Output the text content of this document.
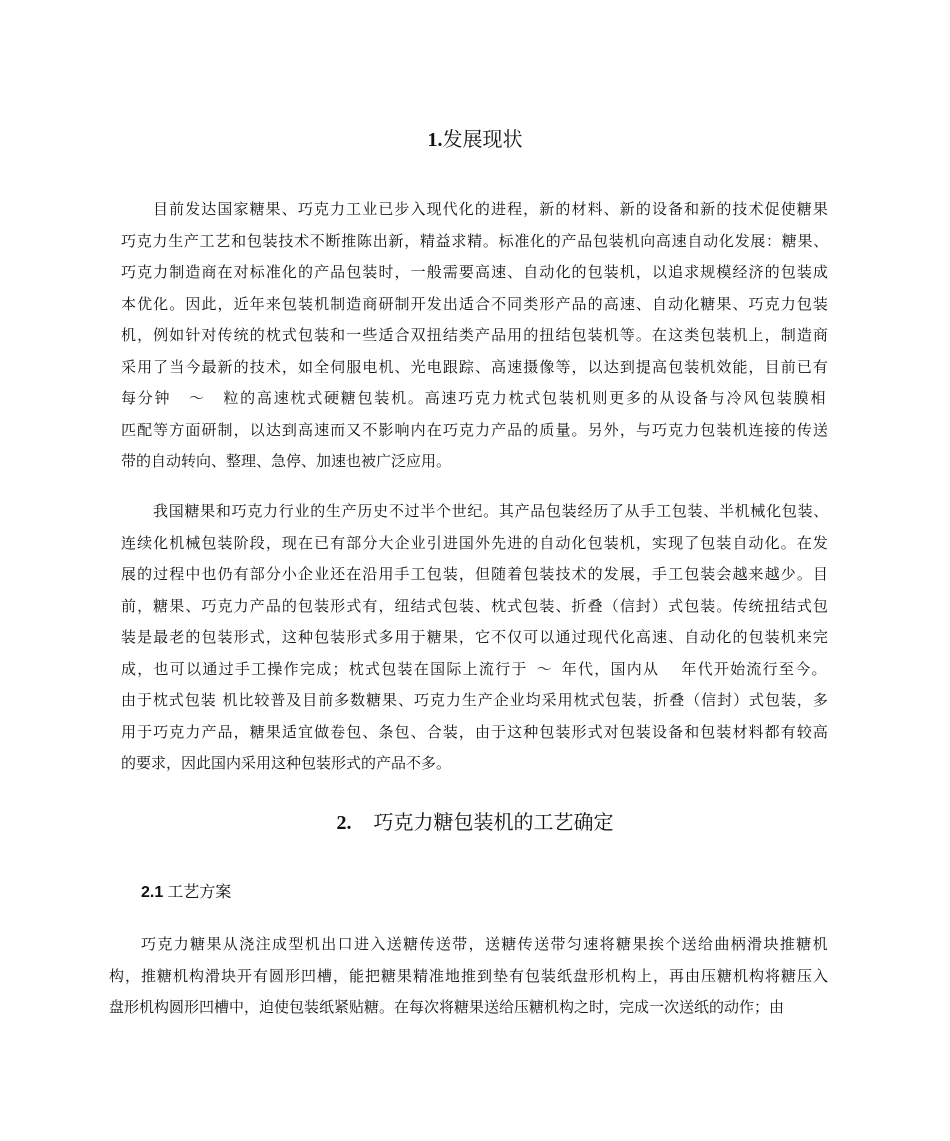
1.发展现状
目前发达国家糖果、巧克力工业已步入现代化的进程，新的材料、新的设备和新的技术促使糖果
巧克力生产工艺和包装技术不断推陈出新，精益求精。标准化的产品包装机向高速自动化发展：糖果、
巧克力制造商在对标准化的产品包装时，一般需要高速、自动化的包装机，以追求规模经济的包装成
本优化。因此，近年来包装机制造商研制开发出适合不同类形产品的高速、自动化糖果、巧克力包装
机，例如针对传统的枕式包装和一些适合双扭结类产品用的扭结包装机等。在这类包装机上，制造商
采用了当今最新的技术，如全伺服电机、光电跟踪、高速摄像等，以达到提高包装机效能，目前已有
每分钟 ～ 粒的高速枕式硬糖包装机。高速巧克力枕式包装机则更多的从设备与冷风包装膜相
匹配等方面研制，以达到高速而又不影响内在巧克力产品的质量。另外，与巧克力包装机连接的传送
带的自动转向、整理、急停、加速也被广泛应用。
我国糖果和巧克力行业的生产历史不过半个世纪。其产品包装经历了从手工包装、半机械化包装、
连续化机械包装阶段，现在已有部分大企业引进国外先进的自动化包装机，实现了包装自动化。在发
展的过程中也仍有部分小企业还在沿用手工包装，但随着包装技术的发展，手工包装会越来越少。目
前，糖果、巧克力产品的包装形式有，纽结式包装、枕式包装、折叠（信封）式包装。传统扭结式包
装是最老的包装形式，这种包装形式多用于糖果，它不仅可以通过现代化高速、自动化的包装机来完
成，也可以通过手工操作完成；枕式包装在国际上流行于 ～ 年代，国内从 年代开始流行至今。
由于枕式包装 机比较普及目前多数糖果、巧克力生产企业均采用枕式包装，折叠（信封）式包装，多
用于巧克力产品，糖果适宜做卷包、条包、合装，由于这种包装形式对包装设备和包装材料都有较高
的要求，因此国内采用这种包装形式的产品不多。
2. 巧克力糖包装机的工艺确定
2.1 工艺方案
巧克力糖果从浇注成型机出口进入送糖传送带，送糖传送带匀速将糖果挨个送给曲柄滑块推糖机
构，推糖机构滑块开有圆形凹槽，能把糖果精准地推到垫有包装纸盘形机构上，再由压糖机构将糖压入
盘形机构圆形凹槽中，迫使包装纸紧贴糖。在每次将糖果送给压糖机构之时，完成一次送纸的动作；由
